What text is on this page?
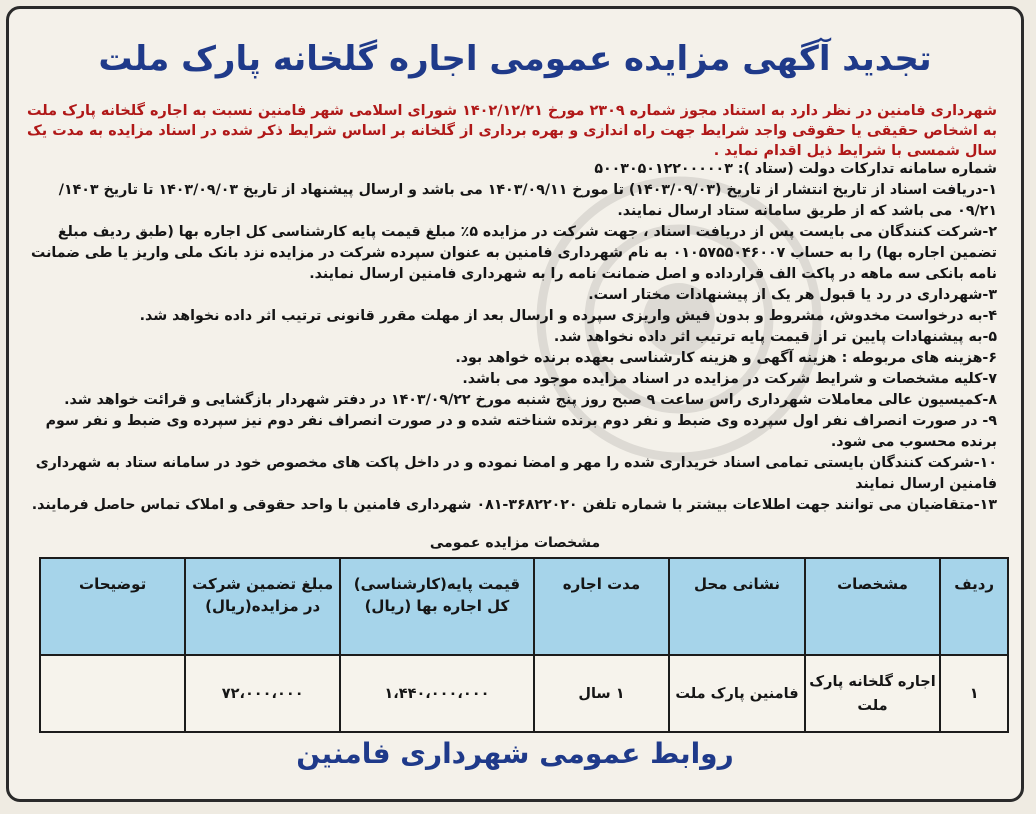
تجدید آگهی مزایده عمومی اجاره گلخانه پارک ملت

شهرداری فامنین در نظر دارد به استناد مجوز شماره ۲۳۰۹ مورخ ۱۴۰۲/۱۲/۲۱ شورای اسلامی شهر فامنین نسبت به اجاره گلخانه پارک ملت به اشخاص حقیقی یا حقوقی واجد شرایط جهت راه اندازی و بهره برداری از گلخانه بر اساس شرایط ذکر شده در اسناد مزایده به مدت یک سال شمسی با شرایط ذیل اقدام نماید .

شماره سامانه تدارکات دولت (ستاد ): ۵۰۰۳۰۵۰۱۲۲۰۰۰۰۰۳

۱-دریافت اسناد از تاریخ انتشار از تاریخ (۱۴۰۳/۰۹/۰۳) تا مورخ ۱۴۰۳/۰۹/۱۱ می باشد و ارسال پیشنهاد از تاریخ ۱۴۰۳/۰۹/۰۳ تا تاریخ ۱۴۰۳/ ۰۹/۲۱ می باشد که از طریق سامانه ستاد ارسال نمایند.

۲-شرکت کنندگان می بایست پس از دریافت اسناد ، جهت شرکت در مزایده ۵٪ مبلغ قیمت پایه کارشناسی کل اجاره بها (طبق ردیف مبلغ تضمین اجاره بها) را به حساب ۰۱۰۵۷۵۵۰۴۶۰۰۷ به نام شهرداری فامنین به عنوان سپرده شرکت در مزایده نزد بانک ملی واریز یا طی ضمانت نامه بانکی سه ماهه در پاکت الف قرارداده و اصل ضمانت نامه را به شهرداری فامنین ارسال نمایند.

۳-شهرداری در رد یا قبول هر یک از پیشنهادات مختار است.

۴-به درخواست مخدوش، مشروط و بدون فیش واریزی سپرده و ارسال بعد از مهلت مقرر قانونی ترتیب اثر داده نخواهد شد.

۵-به پیشنهادات پایین تر از قیمت پایه ترتیب اثر داده نخواهد شد.

۶-هزینه های مربوطه : هزینه آگهی و هزینه کارشناسی بعهده برنده خواهد بود.

۷-کلیه مشخصات و شرایط شرکت در مزایده در اسناد مزایده موجود می باشد.

۸-کمیسیون عالی معاملات شهرداری راس ساعت ۹ صبح روز پنج شنبه مورخ ۱۴۰۳/۰۹/۲۲ در دفتر شهردار بازگشایی و قرائت خواهد شد.

۹- در صورت انصراف نفر اول سپرده وی ضبط و نفر دوم برنده شناخته شده و در صورت انصراف نفر دوم نیز سپرده وی ضبط و نفر سوم برنده محسوب می شود.

۱۰-شرکت کنندگان بایستی تمامی اسناد خریداری شده را مهر و امضا نموده و در داخل پاکت های مخصوص خود در سامانه ستاد به شهرداری فامنین ارسال نمایند

۱۳-متقاضیان می توانند جهت اطلاعات بیشتر با شماره تلفن ۳۶۸۲۲۰۲۰-۰۸۱ شهرداری فامنین با واحد حقوقی و املاک تماس حاصل فرمایند.

مشخصات مزایده عمومی
ردیف	مشخصات	نشانی محل	مدت اجاره	قیمت پایه(کارشناسی) کل اجاره بها (ریال)	مبلغ تضمین شرکت در مزایده(ریال)	توضیحات
۱	اجاره گلخانه پارک ملت	فامنین پارک ملت	۱ سال	۱،۴۴۰،۰۰۰،۰۰۰	۷۲،۰۰۰،۰۰۰	
روابط عمومی شهرداری فامنین
